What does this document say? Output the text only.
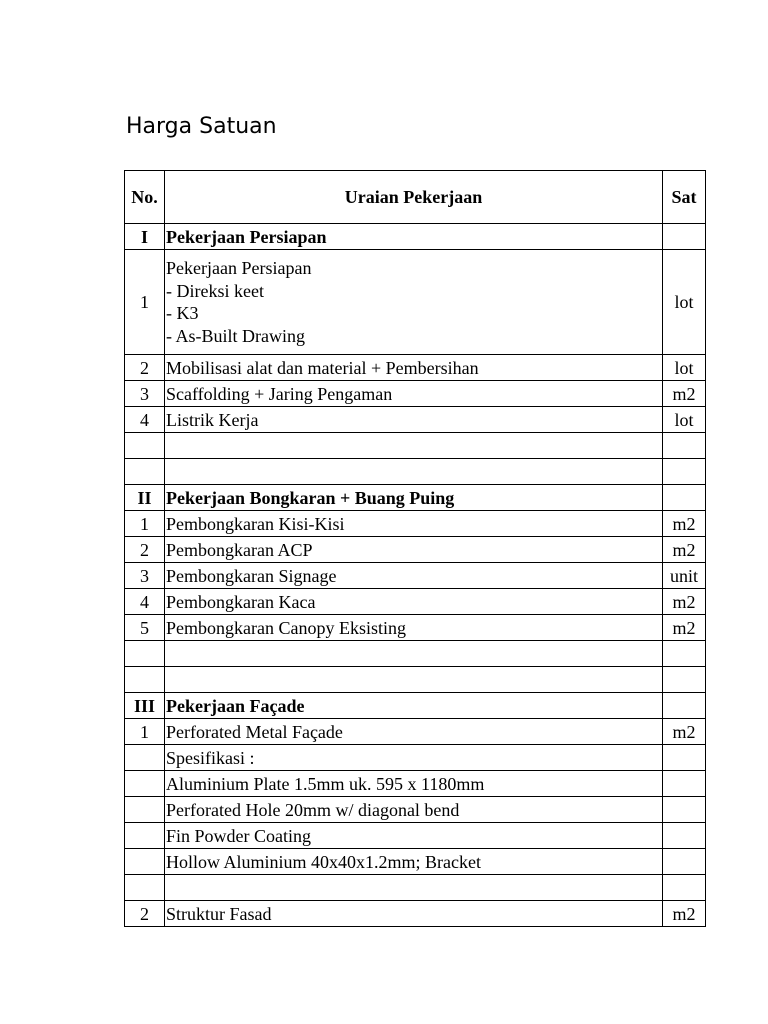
Harga Satuan
No.	Uraian Pekerjaan	Sat
I	Pekerjaan Persiapan	
1	Pekerjaan Persiapan
- Direksi keet
- K3
- As-Built Drawing	lot
2	Mobilisasi alat dan material + Pembersihan	lot
3	Scaffolding + Jaring Pengaman	m2
4	Listrik Kerja	lot

II	Pekerjaan Bongkaran + Buang Puing	
1	Pembongkaran Kisi-Kisi	m2
2	Pembongkaran ACP	m2
3	Pembongkaran Signage	unit
4	Pembongkaran Kaca	m2
5	Pembongkaran Canopy Eksisting	m2

III	Pekerjaan Façade	
1	Perforated Metal Façade	m2
	Spesifikasi :	
	Aluminium Plate 1.5mm uk. 595 x 1180mm	
	Perforated Hole 20mm w/ diagonal bend	
	Fin Powder Coating	
	Hollow Aluminium 40x40x1.2mm; Bracket	

2	Struktur Fasad	m2
